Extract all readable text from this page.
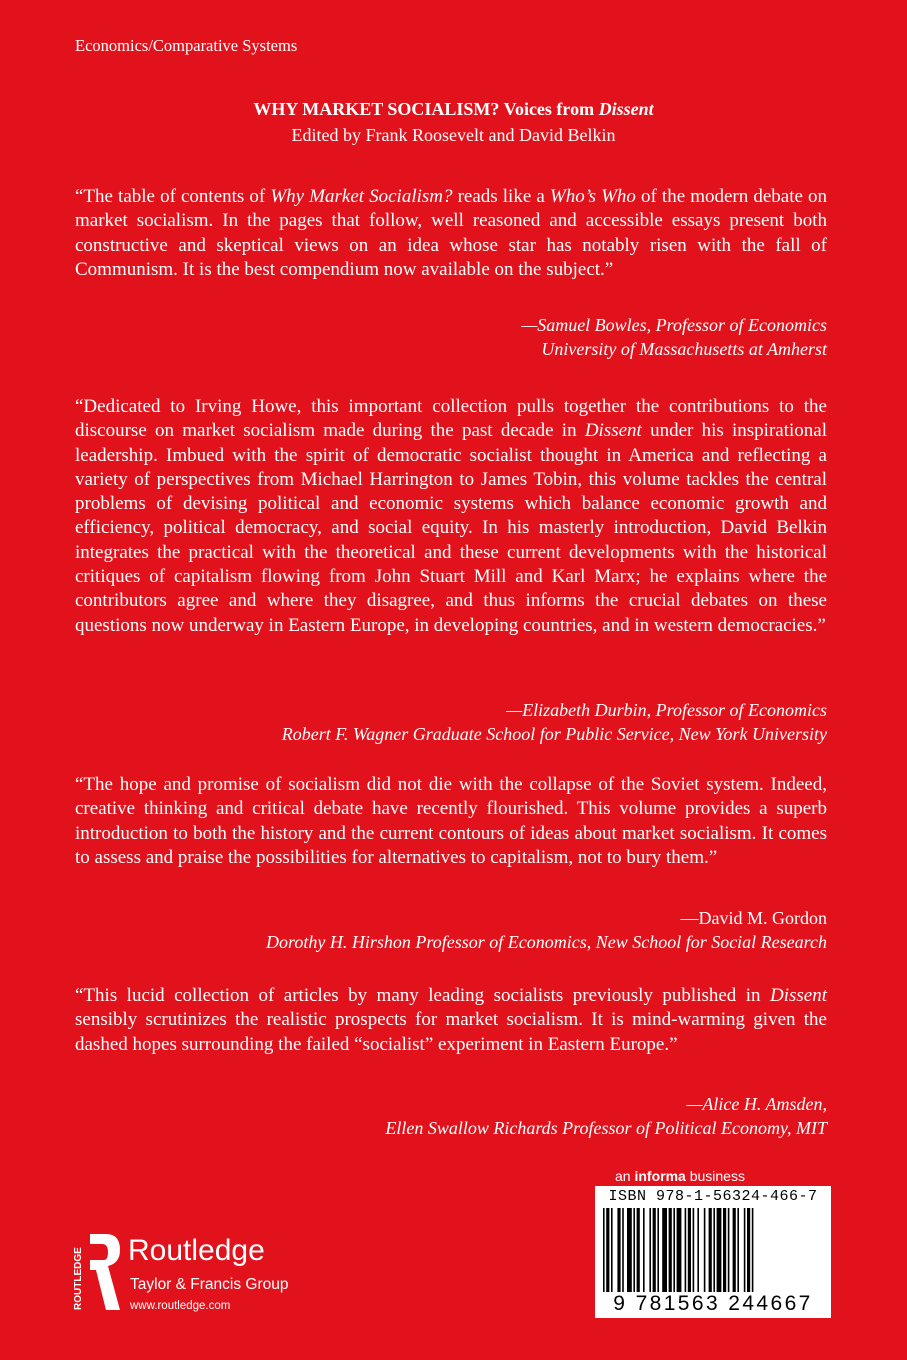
Economics/Comparative Systems
WHY MARKET SOCIALISM? Voices from Dissent
Edited by Frank Roosevelt and David Belkin
“The table of contents of Why Market Socialism? reads like a Who’s Who of the modern debate on market socialism. In the pages that follow, well reasoned and accessible essays present both constructive and skeptical views on an idea whose star has notably risen with the fall of Communism. It is the best compendium now available on the subject.”
—Samuel Bowles, Professor of Economics
University of Massachusetts at Amherst
“Dedicated to Irving Howe, this important collection pulls together the contributions to the discourse on market socialism made during the past decade in Dissent under his inspirational leadership. Imbued with the spirit of democratic socialist thought in America and reflecting a variety of perspectives from Michael Harrington to James Tobin, this volume tackles the central problems of devising political and economic systems which balance economic growth and efficiency, political democracy, and social equity. In his masterly introduction, David Belkin integrates the practical with the theoretical and these current developments with the historical critiques of capitalism flowing from John Stuart Mill and Karl Marx; he explains where the contributors agree and where they disagree, and thus informs the crucial debates on these questions now underway in Eastern Europe, in developing countries, and in western democracies.”
—Elizabeth Durbin, Professor of Economics
Robert F. Wagner Graduate School for Public Service, New York University
“The hope and promise of socialism did not die with the collapse of the Soviet system. Indeed, creative thinking and critical debate have recently flourished. This volume provides a superb introduction to both the history and the current contours of ideas about market socialism. It comes to assess and praise the possibilities for alternatives to capitalism, not to bury them.”
—David M. Gordon
Dorothy H. Hirshon Professor of Economics, New School for Social Research
“This lucid collection of articles by many leading socialists previously published in Dissent sensibly scrutinizes the realistic prospects for market socialism. It is mind-warming given the dashed hopes surrounding the failed “socialist” experiment in Eastern Europe.”
—Alice H. Amsden,
Ellen Swallow Richards Professor of Political Economy, MIT
an informa business
ISBN 978-1-56324-466-7
9 781563 244667
ROUTLEDGE Routledge
Taylor & Francis Group
www.routledge.com
